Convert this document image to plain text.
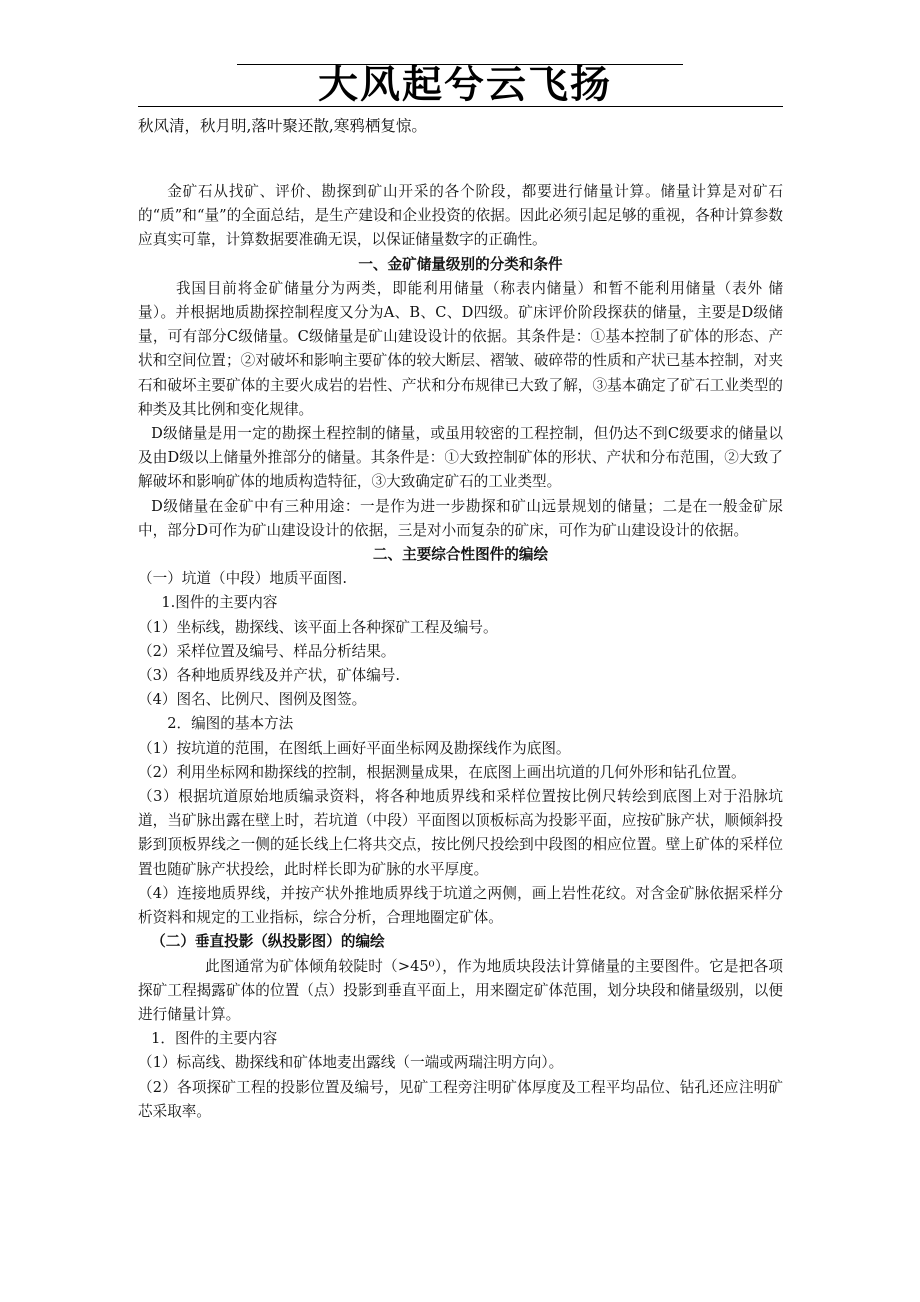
大风起兮云飞扬
秋风清，秋月明,落叶聚还散,寒鸦栖复惊。

金矿石从找矿、评价、勘探到矿山开采的各个阶段，都要进行储量计算。储量计算是对矿石的“质”和“量”的全面总结，是生产建设和企业投资的依据。因此必须引起足够的重视，各种计算参数应真实可靠，计算数据要准确无误，以保证储量数字的正确性。

一、金矿储量级别的分类和条件

我国目前将金矿储量分为两类，即能利用储量（称表内储量）和暂不能利用储量（表外 储量）。并根据地质勘探控制程度又分为A、B、C、D四级。矿床评价阶段探获的储量，主要是D级储量，可有部分C级储量。C级储量是矿山建设设计的依据。其条件是：①基本控制了矿体的形态、产状和空间位置；②对破坏和影响主要矿体的较大断层、褶皱、破碎带的性质和产状已基本控制，对夹石和破坏主要矿体的主要火成岩的岩性、产状和分布规律已大致了解，③基本确定了矿石工业类型的种类及其比例和变化规律。

D级储量是用一定的勘探土程控制的储量，或虽用较密的工程控制，但仍达不到C级要求的储量以及由D级以上储量外推部分的储量。其条件是：①大致控制矿体的形状、产状和分布范围，②大致了解破坏和影响矿体的地质构造特征，③大致确定矿石的工业类型。

D级储量在金矿中有三种用途：一是作为进一步勘探和矿山远景规划的储量；二是在一般金矿尿中，部分D可作为矿山建设设计的依据，三是对小而复杂的矿床，可作为矿山建设设计的依据。

二、主要综合性图件的编绘

（一）坑道（中段）地质平面图.

1.图件的主要内容

（1）坐标线，勘探线、该平面上各种探矿工程及编号。

（2）采样位置及编号、样品分析结果。

（3）各种地质界线及并产状，矿体编号.

（4）图名、比例尺、图例及图签。

2．编图的基本方法

（1）按坑道的范围，在图纸上画好平面坐标网及勘探线作为底图。

（2）利用坐标网和勘探线的控制，根据测量成果，在底图上画出坑道的几何外形和钻孔位置。

（3）根据坑道原始地质编录资料，将各种地质界线和采样位置按比例尺转绘到底图上对于沿脉坑道，当矿脉出露在壁上时，若坑道（中段）平面图以顶板标高为投影平面，应按矿脉产状，顺倾斜投影到顶板界线之一侧的延长线上仁将共交点，按比例尺投绘到中段图的相应位置。壁上矿体的采样位置也随矿脉产状投绘，此时样长即为矿脉的水平厚度。

（4）连接地质界线，并按产状外推地质界线于坑道之两侧，画上岩性花纹。对含金矿脉依据采样分析资料和规定的工业指标，综合分析，合理地圈定矿体。

（二）垂直投影（纵投影图）的编绘

此图通常为矿体倾角较陡时（>45⁰），作为地质块段法计算储量的主要图件。它是把各项探矿工程揭露矿体的位置（点）投影到垂直平面上，用来圈定矿体范围，划分块段和储量级别，以便进行储量计算。

1．图件的主要内容

（1）标高线、勘探线和矿体地麦出露线（一端或两瑞注明方向）。

（2）各项探矿工程的投影位置及编号，见矿工程旁注明矿体厚度及工程平均品位、钻孔还应注明矿芯采取率。
